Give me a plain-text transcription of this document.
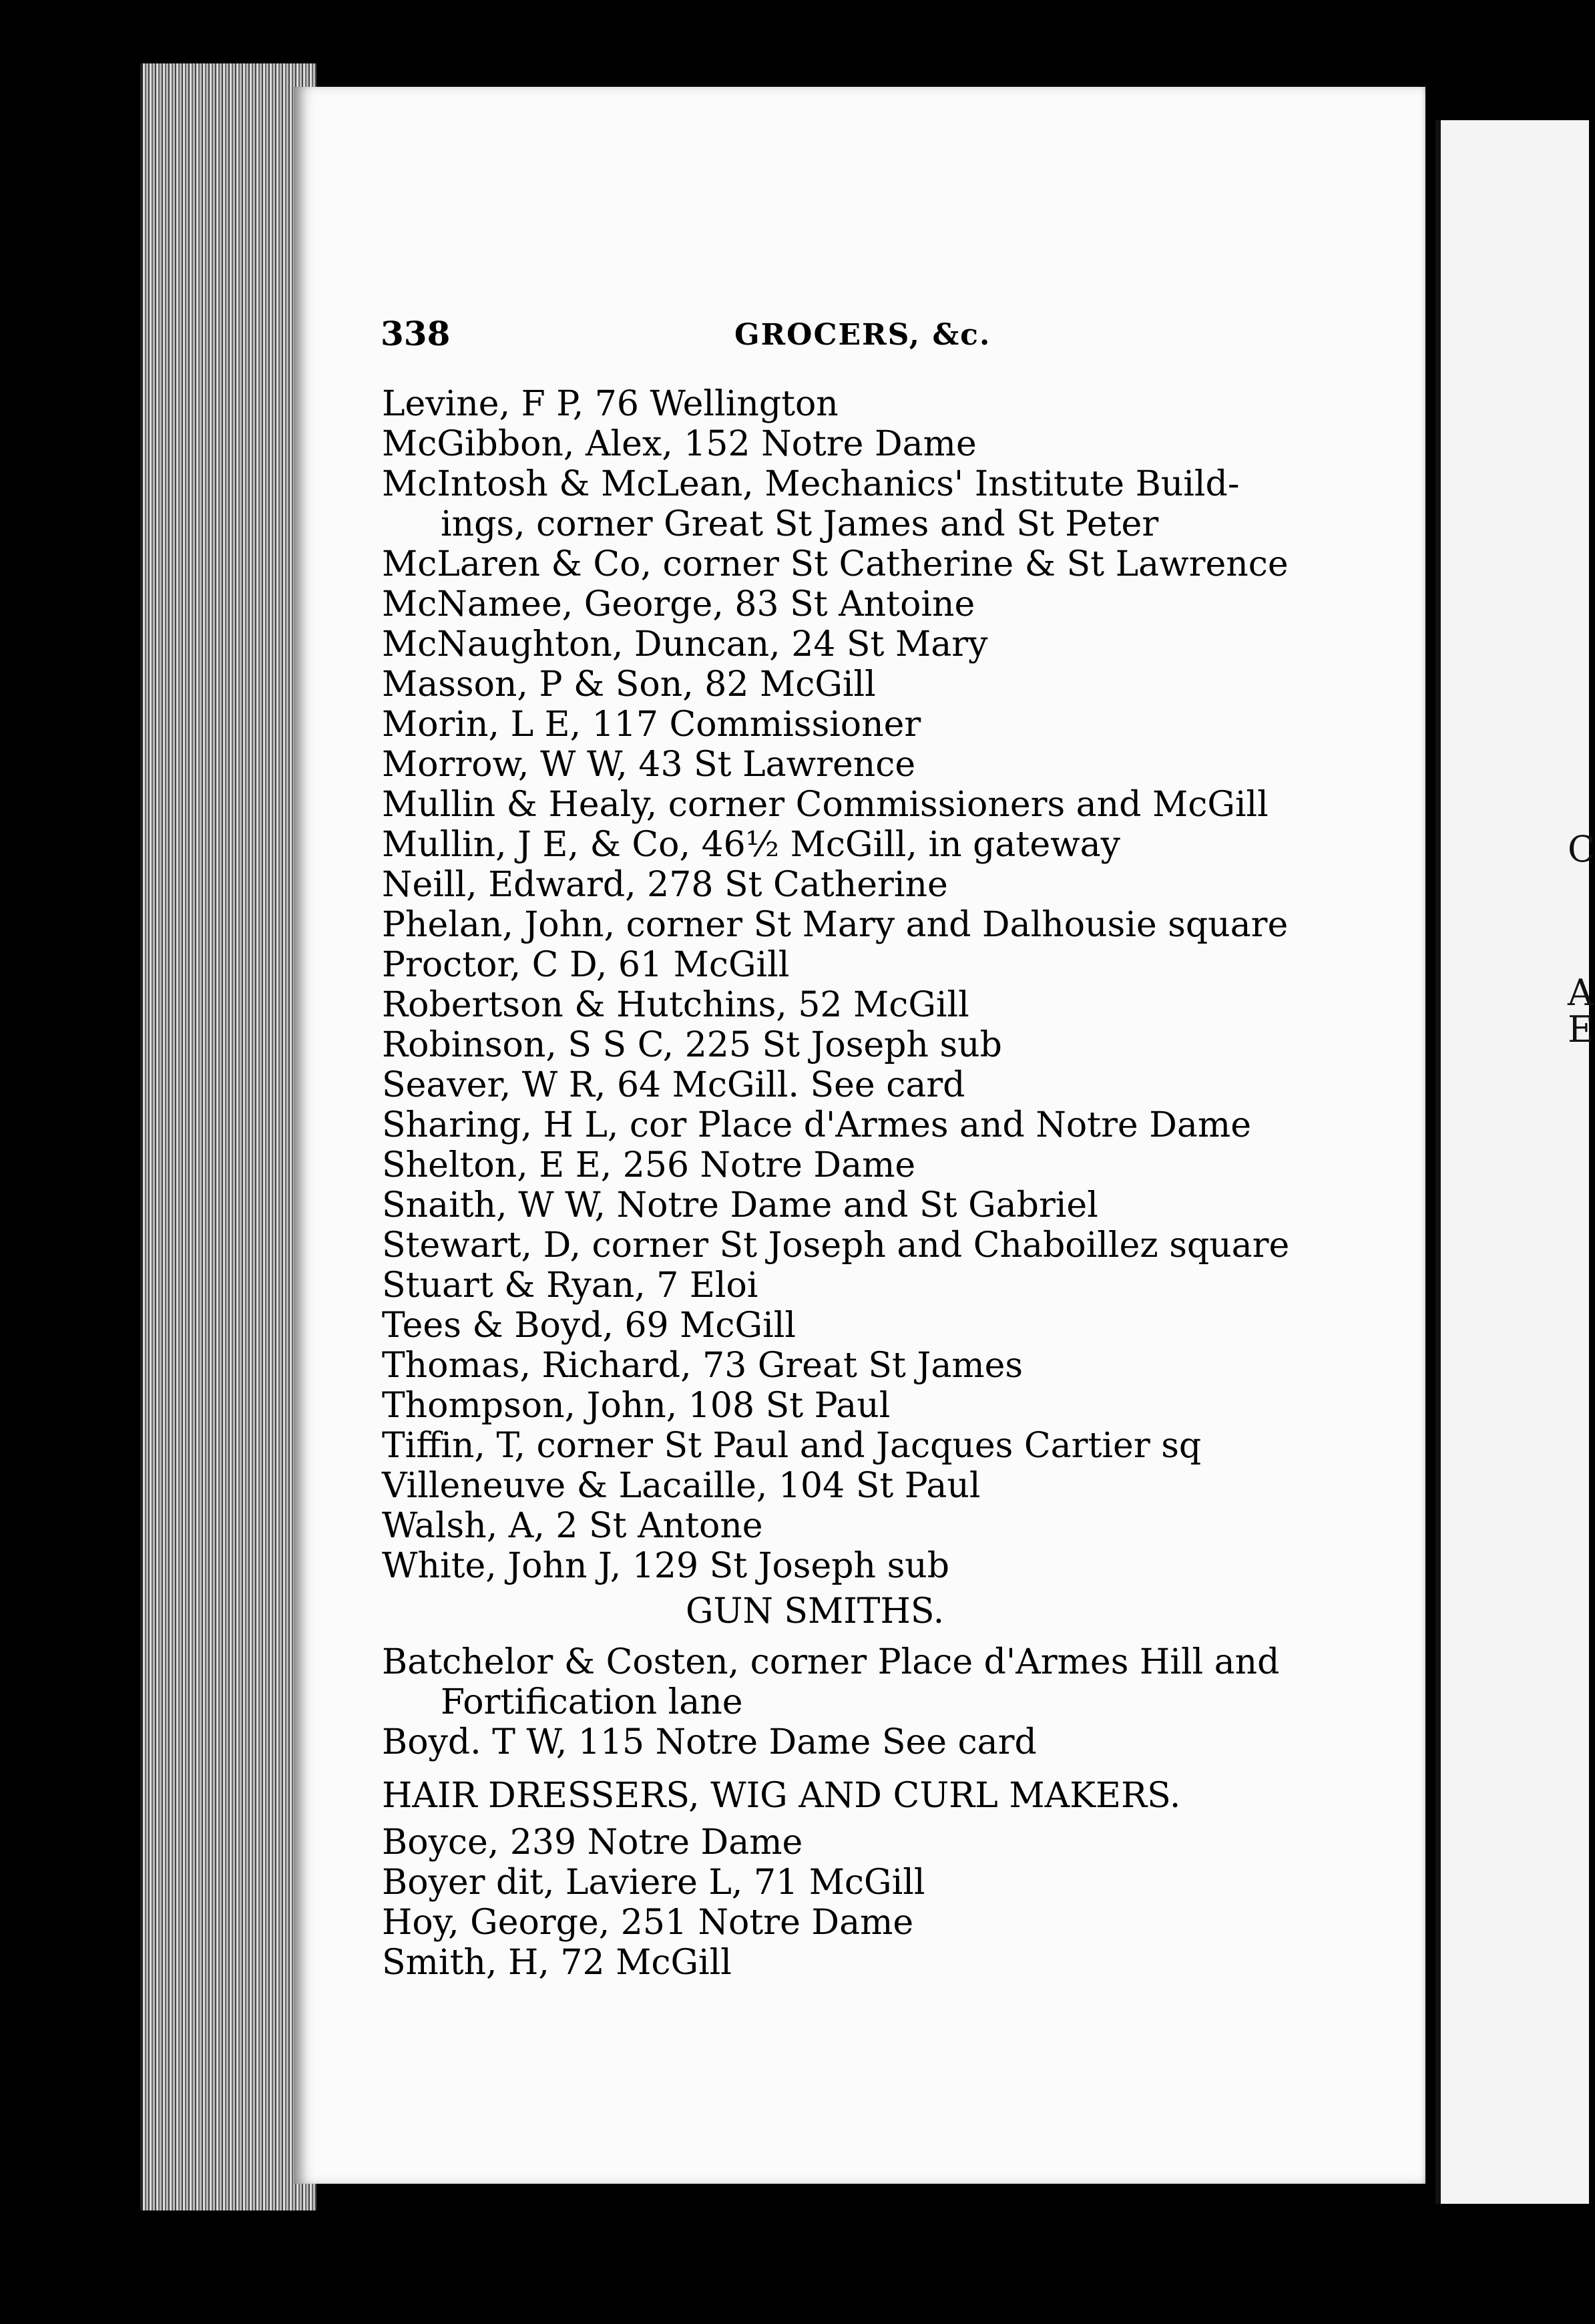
C
A
E
338	GROCERS, &c.
Levine, F P, 76 Wellington
McGibbon, Alex, 152 Notre Dame
McIntosh & McLean, Mechanics' Institute Build-
ings, corner Great St James and St Peter
McLaren & Co, corner St Catherine & St Lawrence
McNamee, George, 83 St Antoine
McNaughton, Duncan, 24 St Mary
Masson, P & Son, 82 McGill
Morin, L E, 117 Commissioner
Morrow, W W, 43 St Lawrence
Mullin & Healy, corner Commissioners and McGill
Mullin, J E, & Co, 46½ McGill, in gateway
Neill, Edward, 278 St Catherine
Phelan, John, corner St Mary and Dalhousie square
Proctor, C D, 61 McGill
Robertson & Hutchins, 52 McGill
Robinson, S S C, 225 St Joseph sub
Seaver, W R, 64 McGill. See card
Sharing, H L, cor Place d'Armes and Notre Dame
Shelton, E E, 256 Notre Dame
Snaith, W W, Notre Dame and St Gabriel
Stewart, D, corner St Joseph and Chaboillez square
Stuart & Ryan, 7 Eloi
Tees & Boyd, 69 McGill
Thomas, Richard, 73 Great St James
Thompson, John, 108 St Paul
Tiffin, T, corner St Paul and Jacques Cartier sq
Villeneuve & Lacaille, 104 St Paul
Walsh, A, 2 St Antone
White, John J, 129 St Joseph sub
GUN SMITHS.
Batchelor & Costen, corner Place d'Armes Hill and
Fortification lane
Boyd. T W, 115 Notre Dame See card
HAIR DRESSERS, WIG AND CURL MAKERS.
Boyce, 239 Notre Dame
Boyer dit, Laviere L, 71 McGill
Hoy, George, 251 Notre Dame
Smith, H, 72 McGill
